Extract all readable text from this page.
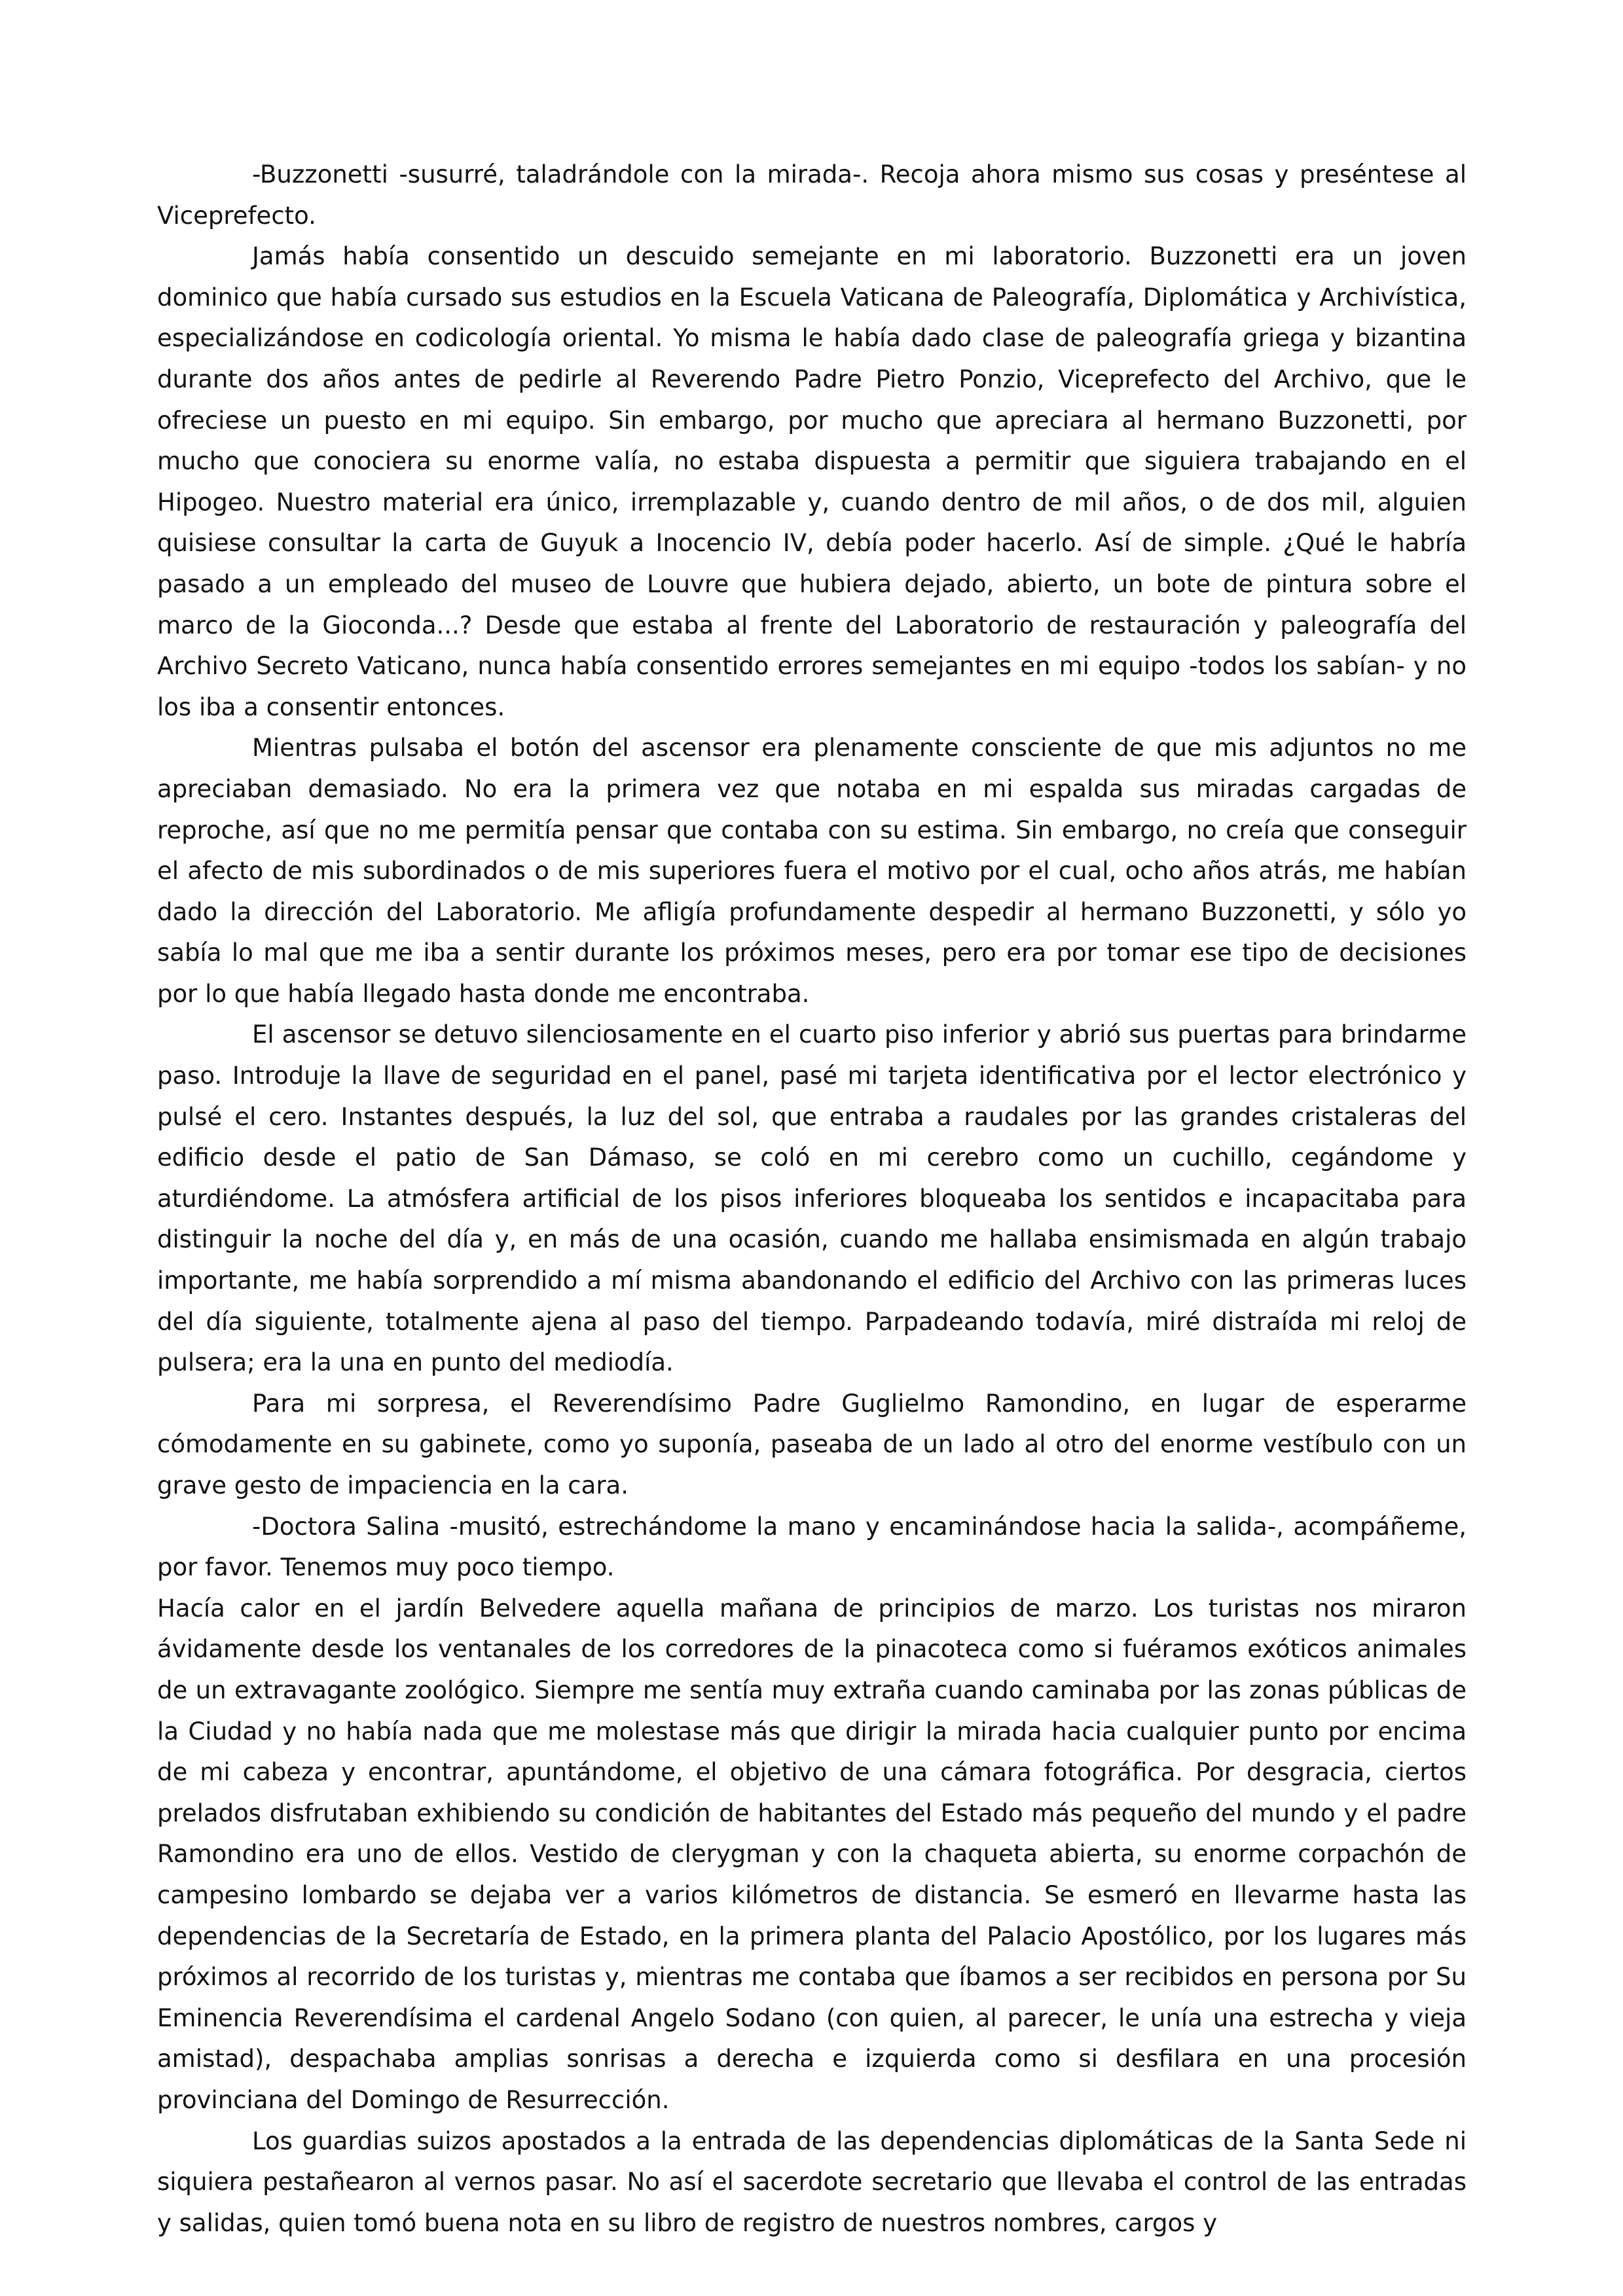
-Buzzonetti -susurré, taladrándole con la mirada-. Recoja ahora mismo sus cosas y preséntese al Viceprefecto.

Jamás había consentido un descuido semejante en mi laboratorio. Buzzonetti era un joven dominico que había cursado sus estudios en la Escuela Vaticana de Paleografía, Diplomática y Archivística, especializándose en codicología oriental. Yo misma le había dado clase de paleografía griega y bizantina durante dos años antes de pedirle al Reverendo Padre Pietro Ponzio, Viceprefecto del Archivo, que le ofreciese un puesto en mi equipo. Sin embargo, por mucho que apreciara al hermano Buzzonetti, por mucho que conociera su enorme valía, no estaba dispuesta a permitir que siguiera trabajando en el Hipogeo. Nuestro material era único, irremplazable y, cuando dentro de mil años, o de dos mil, alguien quisiese consultar la carta de Guyuk a Inocencio IV, debía poder hacerlo. Así de simple. ¿Qué le habría pasado a un empleado del museo de Louvre que hubiera dejado, abierto, un bote de pintura sobre el marco de la Gioconda...? Desde que estaba al frente del Laboratorio de restauración y paleografía del Archivo Secreto Vaticano, nunca había consentido errores semejantes en mi equipo -todos los sabían- y no los iba a consentir entonces.

Mientras pulsaba el botón del ascensor era plenamente consciente de que mis adjuntos no me apreciaban demasiado. No era la primera vez que notaba en mi espalda sus miradas cargadas de reproche, así que no me permitía pensar que contaba con su estima. Sin embargo, no creía que conseguir el afecto de mis subordinados o de mis superiores fuera el motivo por el cual, ocho años atrás, me habían dado la dirección del Laboratorio. Me afligía profundamente despedir al hermano Buzzonetti, y sólo yo sabía lo mal que me iba a sentir durante los próximos meses, pero era por tomar ese tipo de decisiones por lo que había llegado hasta donde me encontraba.

El ascensor se detuvo silenciosamente en el cuarto piso inferior y abrió sus puertas para brindarme paso. Introduje la llave de seguridad en el panel, pasé mi tarjeta identificativa por el lector electrónico y pulsé el cero. Instantes después, la luz del sol, que entraba a raudales por las grandes cristaleras del edificio desde el patio de San Dámaso, se coló en mi cerebro como un cuchillo, cegándome y aturdiéndome. La atmósfera artificial de los pisos inferiores bloqueaba los sentidos e incapacitaba para distinguir la noche del día y, en más de una ocasión, cuando me hallaba ensimismada en algún trabajo importante, me había sorprendido a mí misma abandonando el edificio del Archivo con las primeras luces del día siguiente, totalmente ajena al paso del tiempo. Parpadeando todavía, miré distraída mi reloj de pulsera; era la una en punto del mediodía.

Para mi sorpresa, el Reverendísimo Padre Guglielmo Ramondino, en lugar de esperarme cómodamente en su gabinete, como yo suponía, paseaba de un lado al otro del enorme vestíbulo con un grave gesto de impaciencia en la cara.

-Doctora Salina -musitó, estrechándome la mano y encaminándose hacia la salida-, acompáñeme, por favor. Tenemos muy poco tiempo.

Hacía calor en el jardín Belvedere aquella mañana de principios de marzo. Los turistas nos miraron ávidamente desde los ventanales de los corredores de la pinacoteca como si fuéramos exóticos animales de un extravagante zoológico. Siempre me sentía muy extraña cuando caminaba por las zonas públicas de la Ciudad y no había nada que me molestase más que dirigir la mirada hacia cualquier punto por encima de mi cabeza y encontrar, apuntándome, el objetivo de una cámara fotográfica. Por desgracia, ciertos prelados disfrutaban exhibiendo su condición de habitantes del Estado más pequeño del mundo y el padre Ramondino era uno de ellos. Vestido de clerygman y con la chaqueta abierta, su enorme corpachón de campesino lombardo se dejaba ver a varios kilómetros de distancia. Se esmeró en llevarme hasta las dependencias de la Secretaría de Estado, en la primera planta del Palacio Apostólico, por los lugares más próximos al recorrido de los turistas y, mientras me contaba que íbamos a ser recibidos en persona por Su Eminencia Reverendísima el cardenal Angelo Sodano (con quien, al parecer, le unía una estrecha y vieja amistad), despachaba amplias sonrisas a derecha e izquierda como si desfilara en una procesión provinciana del Domingo de Resurrección.

Los guardias suizos apostados a la entrada de las dependencias diplomáticas de la Santa Sede ni siquiera pestañearon al vernos pasar. No así el sacerdote secretario que llevaba el control de las entradas y salidas, quien tomó buena nota en su libro de registro de nuestros nombres, cargos y
